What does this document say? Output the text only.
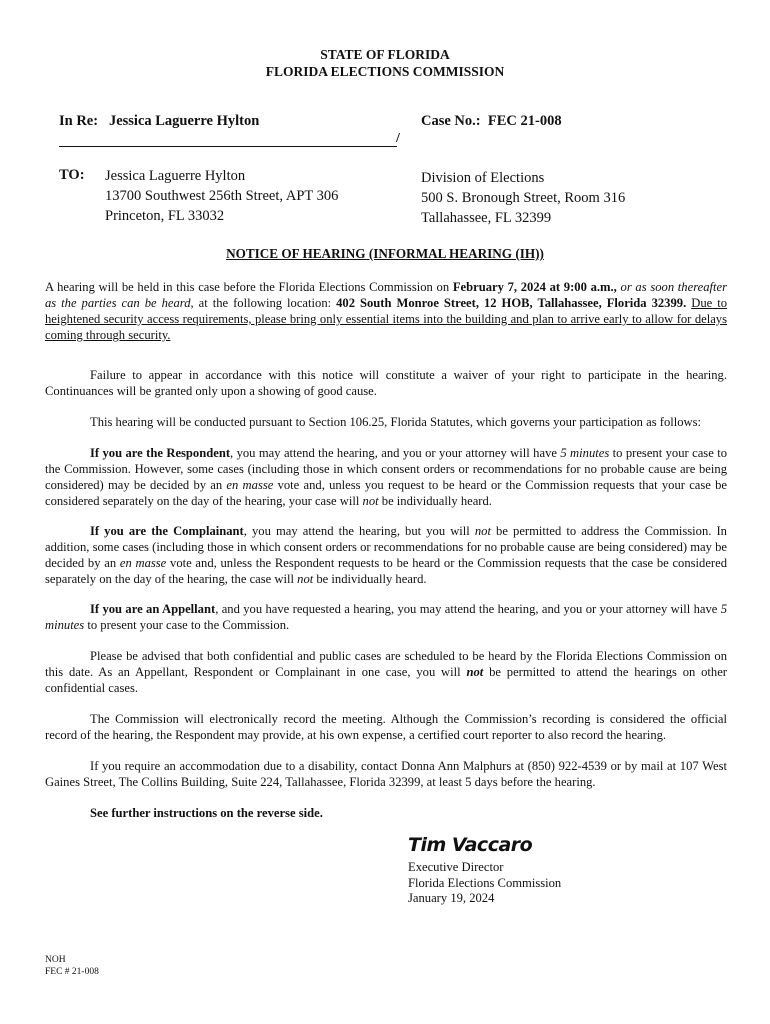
STATE OF FLORIDA
FLORIDA ELECTIONS COMMISSION
In Re: Jessica Laguerre Hylton
/
Case No.: FEC 21-008
TO: Jessica Laguerre Hylton
13700 Southwest 256th Street, APT 306
Princeton, FL 33032
Division of Elections
500 S. Bronough Street, Room 316
Tallahassee, FL 32399
NOTICE OF HEARING (INFORMAL HEARING (IH))
A hearing will be held in this case before the Florida Elections Commission on February 7, 2024 at 9:00 a.m., or as soon thereafter as the parties can be heard, at the following location: 402 South Monroe Street, 12 HOB, Tallahassee, Florida 32399. Due to heightened security access requirements, please bring only essential items into the building and plan to arrive early to allow for delays coming through security.
Failure to appear in accordance with this notice will constitute a waiver of your right to participate in the hearing. Continuances will be granted only upon a showing of good cause.
This hearing will be conducted pursuant to Section 106.25, Florida Statutes, which governs your participation as follows:
If you are the Respondent, you may attend the hearing, and you or your attorney will have 5 minutes to present your case to the Commission. However, some cases (including those in which consent orders or recommendations for no probable cause are being considered) may be decided by an en masse vote and, unless you request to be heard or the Commission requests that your case be considered separately on the day of the hearing, your case will not be individually heard.
If you are the Complainant, you may attend the hearing, but you will not be permitted to address the Commission. In addition, some cases (including those in which consent orders or recommendations for no probable cause are being considered) may be decided by an en masse vote and, unless the Respondent requests to be heard or the Commission requests that the case be considered separately on the day of the hearing, the case will not be individually heard.
If you are an Appellant, and you have requested a hearing, you may attend the hearing, and you or your attorney will have 5 minutes to present your case to the Commission.
Please be advised that both confidential and public cases are scheduled to be heard by the Florida Elections Commission on this date. As an Appellant, Respondent or Complainant in one case, you will not be permitted to attend the hearings on other confidential cases.
The Commission will electronically record the meeting. Although the Commission’s recording is considered the official record of the hearing, the Respondent may provide, at his own expense, a certified court reporter to also record the hearing.
If you require an accommodation due to a disability, contact Donna Ann Malphurs at (850) 922-4539 or by mail at 107 West Gaines Street, The Collins Building, Suite 224, Tallahassee, Florida 32399, at least 5 days before the hearing.
See further instructions on the reverse side.
Tim Vaccaro
Executive Director
Florida Elections Commission
January 19, 2024
NOH
FEC # 21-008
